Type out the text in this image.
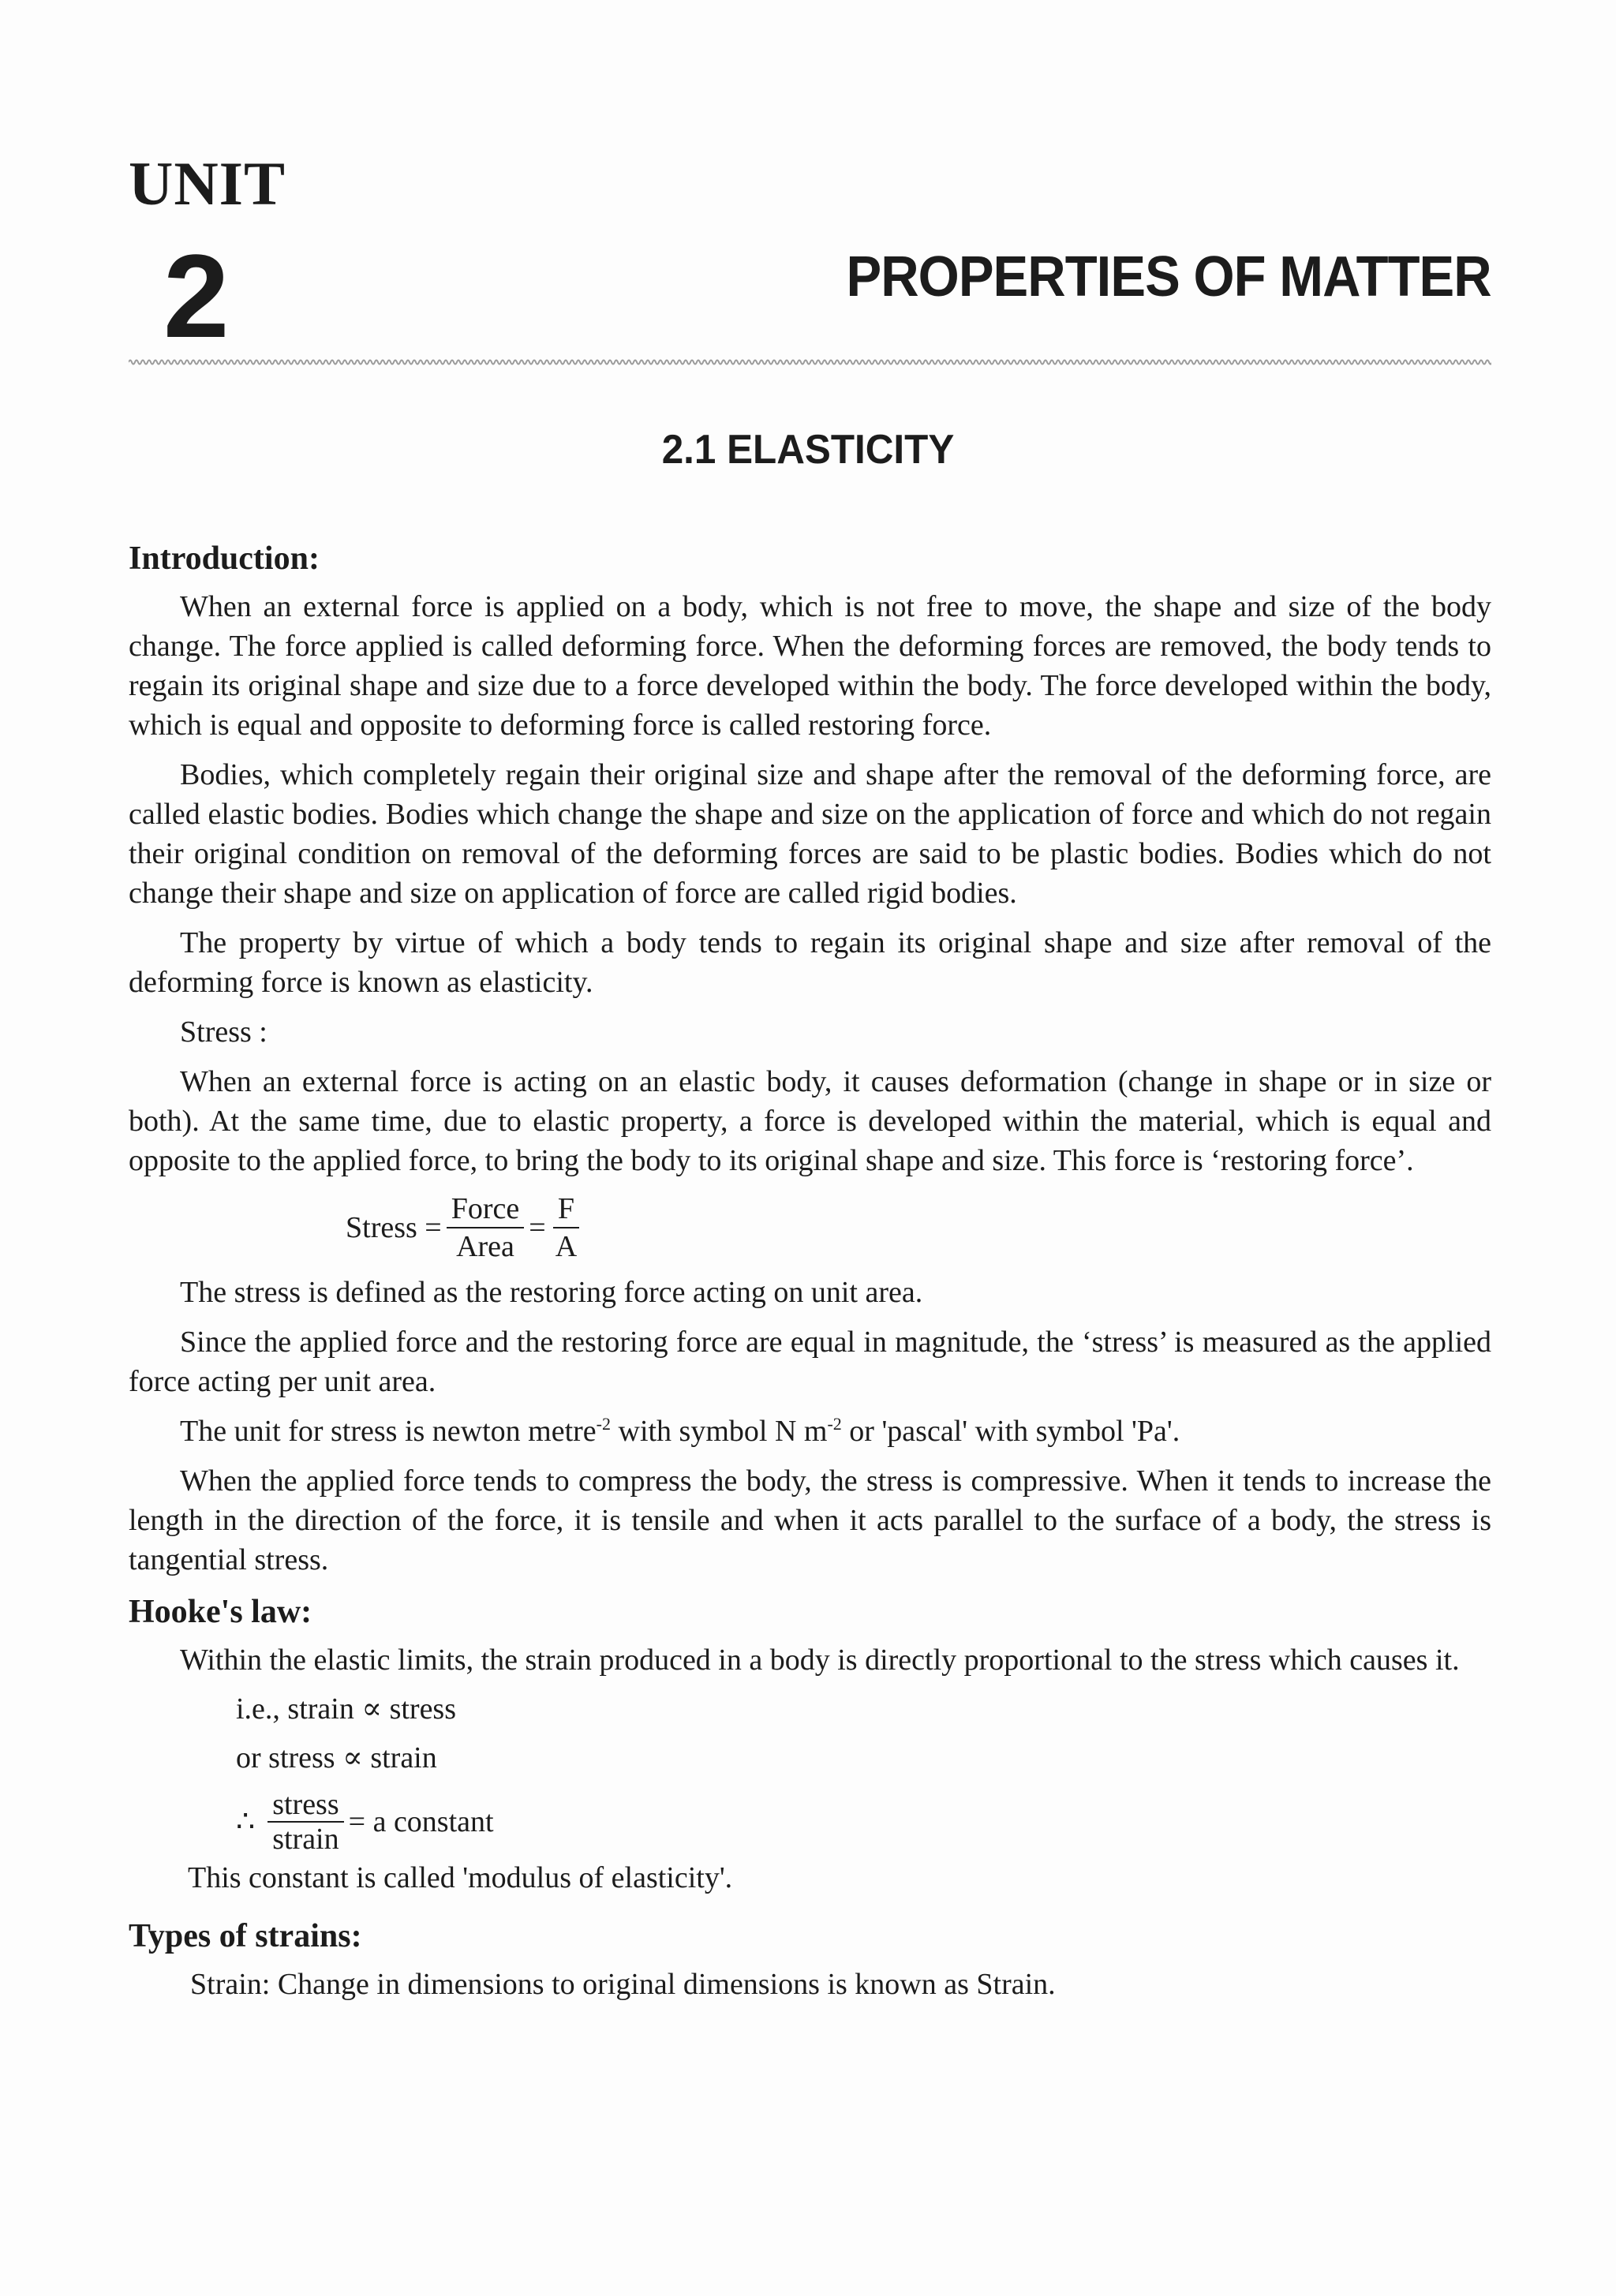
UNIT
2	PROPERTIES OF MATTER
2.1 ELASTICITY
Introduction:

When an external force is applied on a body, which is not free to move, the shape and size of the body change. The force applied is called deforming force. When the deforming forces are removed, the body tends to regain its original shape and size due to a force developed within the body. The force developed within the body, which is equal and opposite to deforming force is called restoring force.

Bodies, which completely regain their original size and shape after the removal of the deforming force, are called elastic bodies. Bodies which change the shape and size on the application of force and which do not regain their original condition on removal of the deforming forces are said to be plastic bodies. Bodies which do not change their shape and size on application of force are called rigid bodies.

The property by virtue of which a body tends to regain its original shape and size after removal of the deforming force is known as elasticity.

Stress :

When an external force is acting on an elastic body, it causes deformation (change in shape or in size or both). At the same time, due to elastic property, a force is developed within the material, which is equal and opposite to the applied force, to bring the body to its original shape and size. This force is ‘restoring force’.

Stress = $\frac{\text{Force}}{\text{Area}} = \frac{F}{A}$

The stress is defined as the restoring force acting on unit area.

Since the applied force and the restoring force are equal in magnitude, the ‘stress’ is measured as the applied force acting per unit area.

The unit for stress is newton metre$^{-2}$ with symbol N $m^{-2}$ or 'pascal' with symbol 'Pa'.

When the applied force tends to compress the body, the stress is compressive. When it tends to increase the length in the direction of the force, it is tensile and when it acts parallel to the surface of a body, the stress is tangential stress.

Hooke's law:

Within the elastic limits, the strain produced in a body is directly proportional to the stress which causes it.

i.e., strain ∝ stress
or stress ∝ strain
∴ $\frac{\text{stress}}{\text{strain}} = a$ constant
This constant is called 'modulus of elasticity'.
Types of strains:

Strain: Change in dimensions to original dimensions is known as Strain.
